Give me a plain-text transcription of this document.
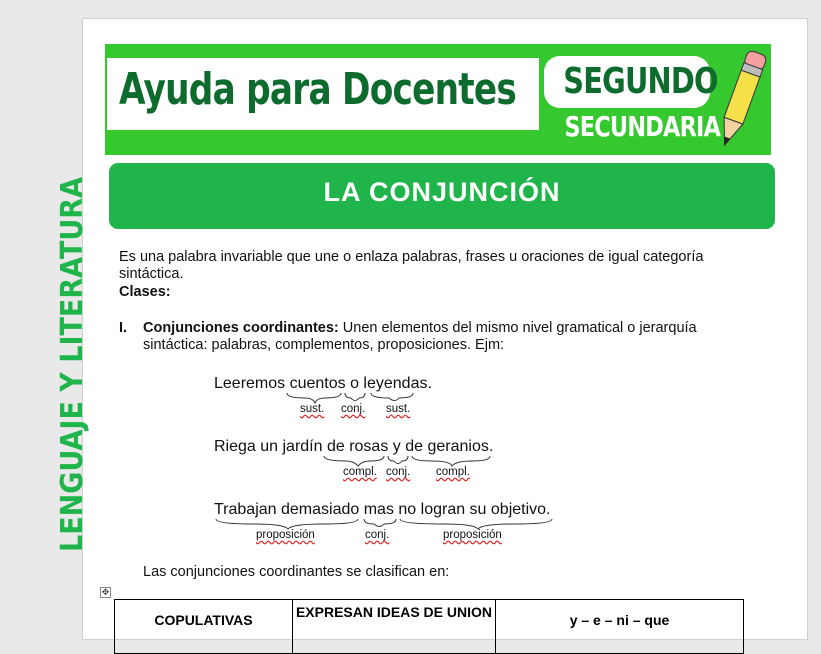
Ayuda para Docentes	SEGUNDO
SECUNDARIA
LA CONJUNCIÓN
LENGUAJE Y LITERATURA Es una palabra invariable que une o enlaza palabras, frases u oraciones de igual categoría sintáctica.
Clases:
I. Conjunciones coordinantes: Unen elementos del mismo nivel gramatical o jerarquía sintáctica: palabras, complementos, proposiciones. Ejm:
Leeremos cuentos o leyendas.
sust. conj. sust.
Riega un jardín de rosas y de geranios.
compl. conj. compl.
Trabajan demasiado mas no logran su objetivo.
proposición	conj.	proposición
Las conjunciones coordinantes se clasifican en:
✥
COPULATIVAS	EXPRESAN IDEAS DE UNION	y – e – ni – que
